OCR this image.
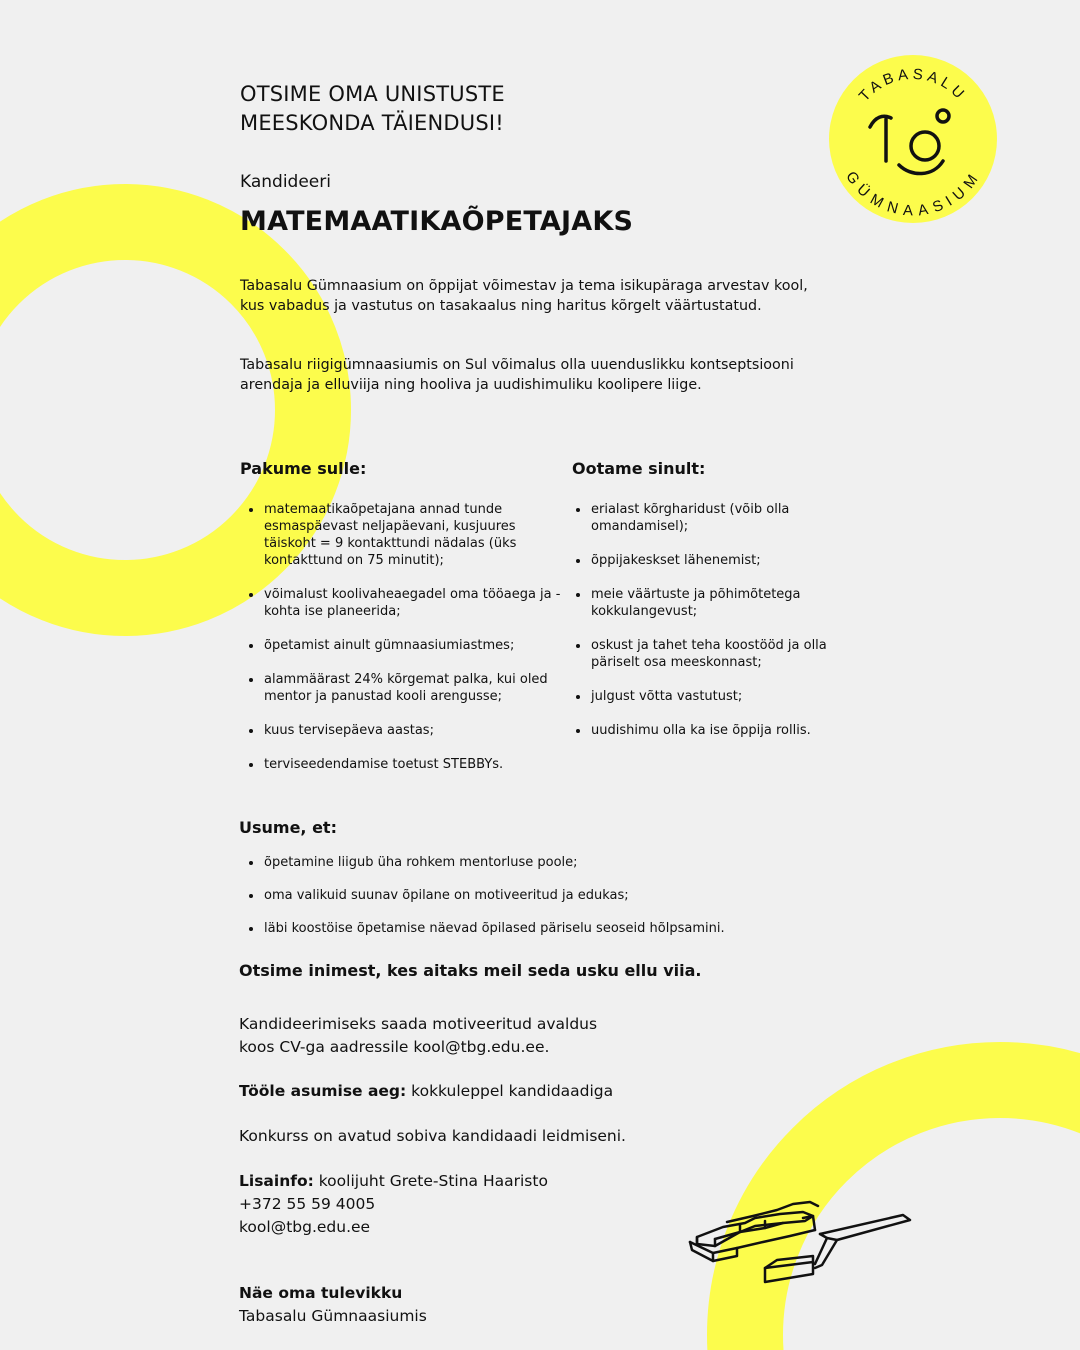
TABASALU
GÜMNAASIUM
OTSIME OMA UNISTUSTE
MEESKONDA TÄIENDUSI!
Kandideeri
MATEMAATIKAÕPETAJAKS

Tabasalu Gümnaasium on õppijat võimestav ja tema isikupäraga arvestav kool, kus vabadus ja vastutus on tasakaalus ning haritus kõrgelt väärtustatud.

Tabasalu riigigümnaasiumis on Sul võimalus olla uuenduslikku kontseptsiooni arendaja ja elluviija ning hooliva ja uudishimuliku koolipere liige.

Pakume sulle:	Ootame sinult:
matemaatikaõpetajana annad tunde esmaspäevast neljapäevani, kusjuures täiskoht = 9 kontakttundi nädalas (üks kontakttund on 75 minutit);
võimalust koolivaheaegadel oma tööaega ja -kohta ise planeerida;
õpetamist ainult gümnaasiumiastmes;
alammäärast 24% kõrgemat palka, kui oled mentor ja panustad kooli arengusse;
kuus tervisepäeva aastas;
terviseedendamise toetust STEBBYs.
erialast kõrgharidust (võib olla omandamisel);
õppijakeskset lähenemist;
meie väärtuste ja põhimõtetega kokkulangevust;
oskust ja tahet teha koostööd ja olla päriselt osa meeskonnast;
julgust võtta vastutust;
uudishimu olla ka ise õppija rollis.
Usume, et:
õpetamine liigub üha rohkem mentorluse poole;
oma valikuid suunav õpilane on motiveeritud ja edukas;
läbi koostöise õpetamise näevad õpilased päriselu seoseid hõlpsamini.
Otsime inimest, kes aitaks meil seda usku ellu viia.
Kandideerimiseks saada motiveeritud avaldus
koos CV-ga aadressile kool@tbg.edu.ee.
Tööle asumise aeg: kokkuleppel kandidaadiga
Konkurss on avatud sobiva kandidaadi leidmiseni.
Lisainfo: koolijuht Grete-Stina Haaristo
+372 55 59 4005
kool@tbg.edu.ee
Näe oma tulevikku
Tabasalu Gümnaasiumis
